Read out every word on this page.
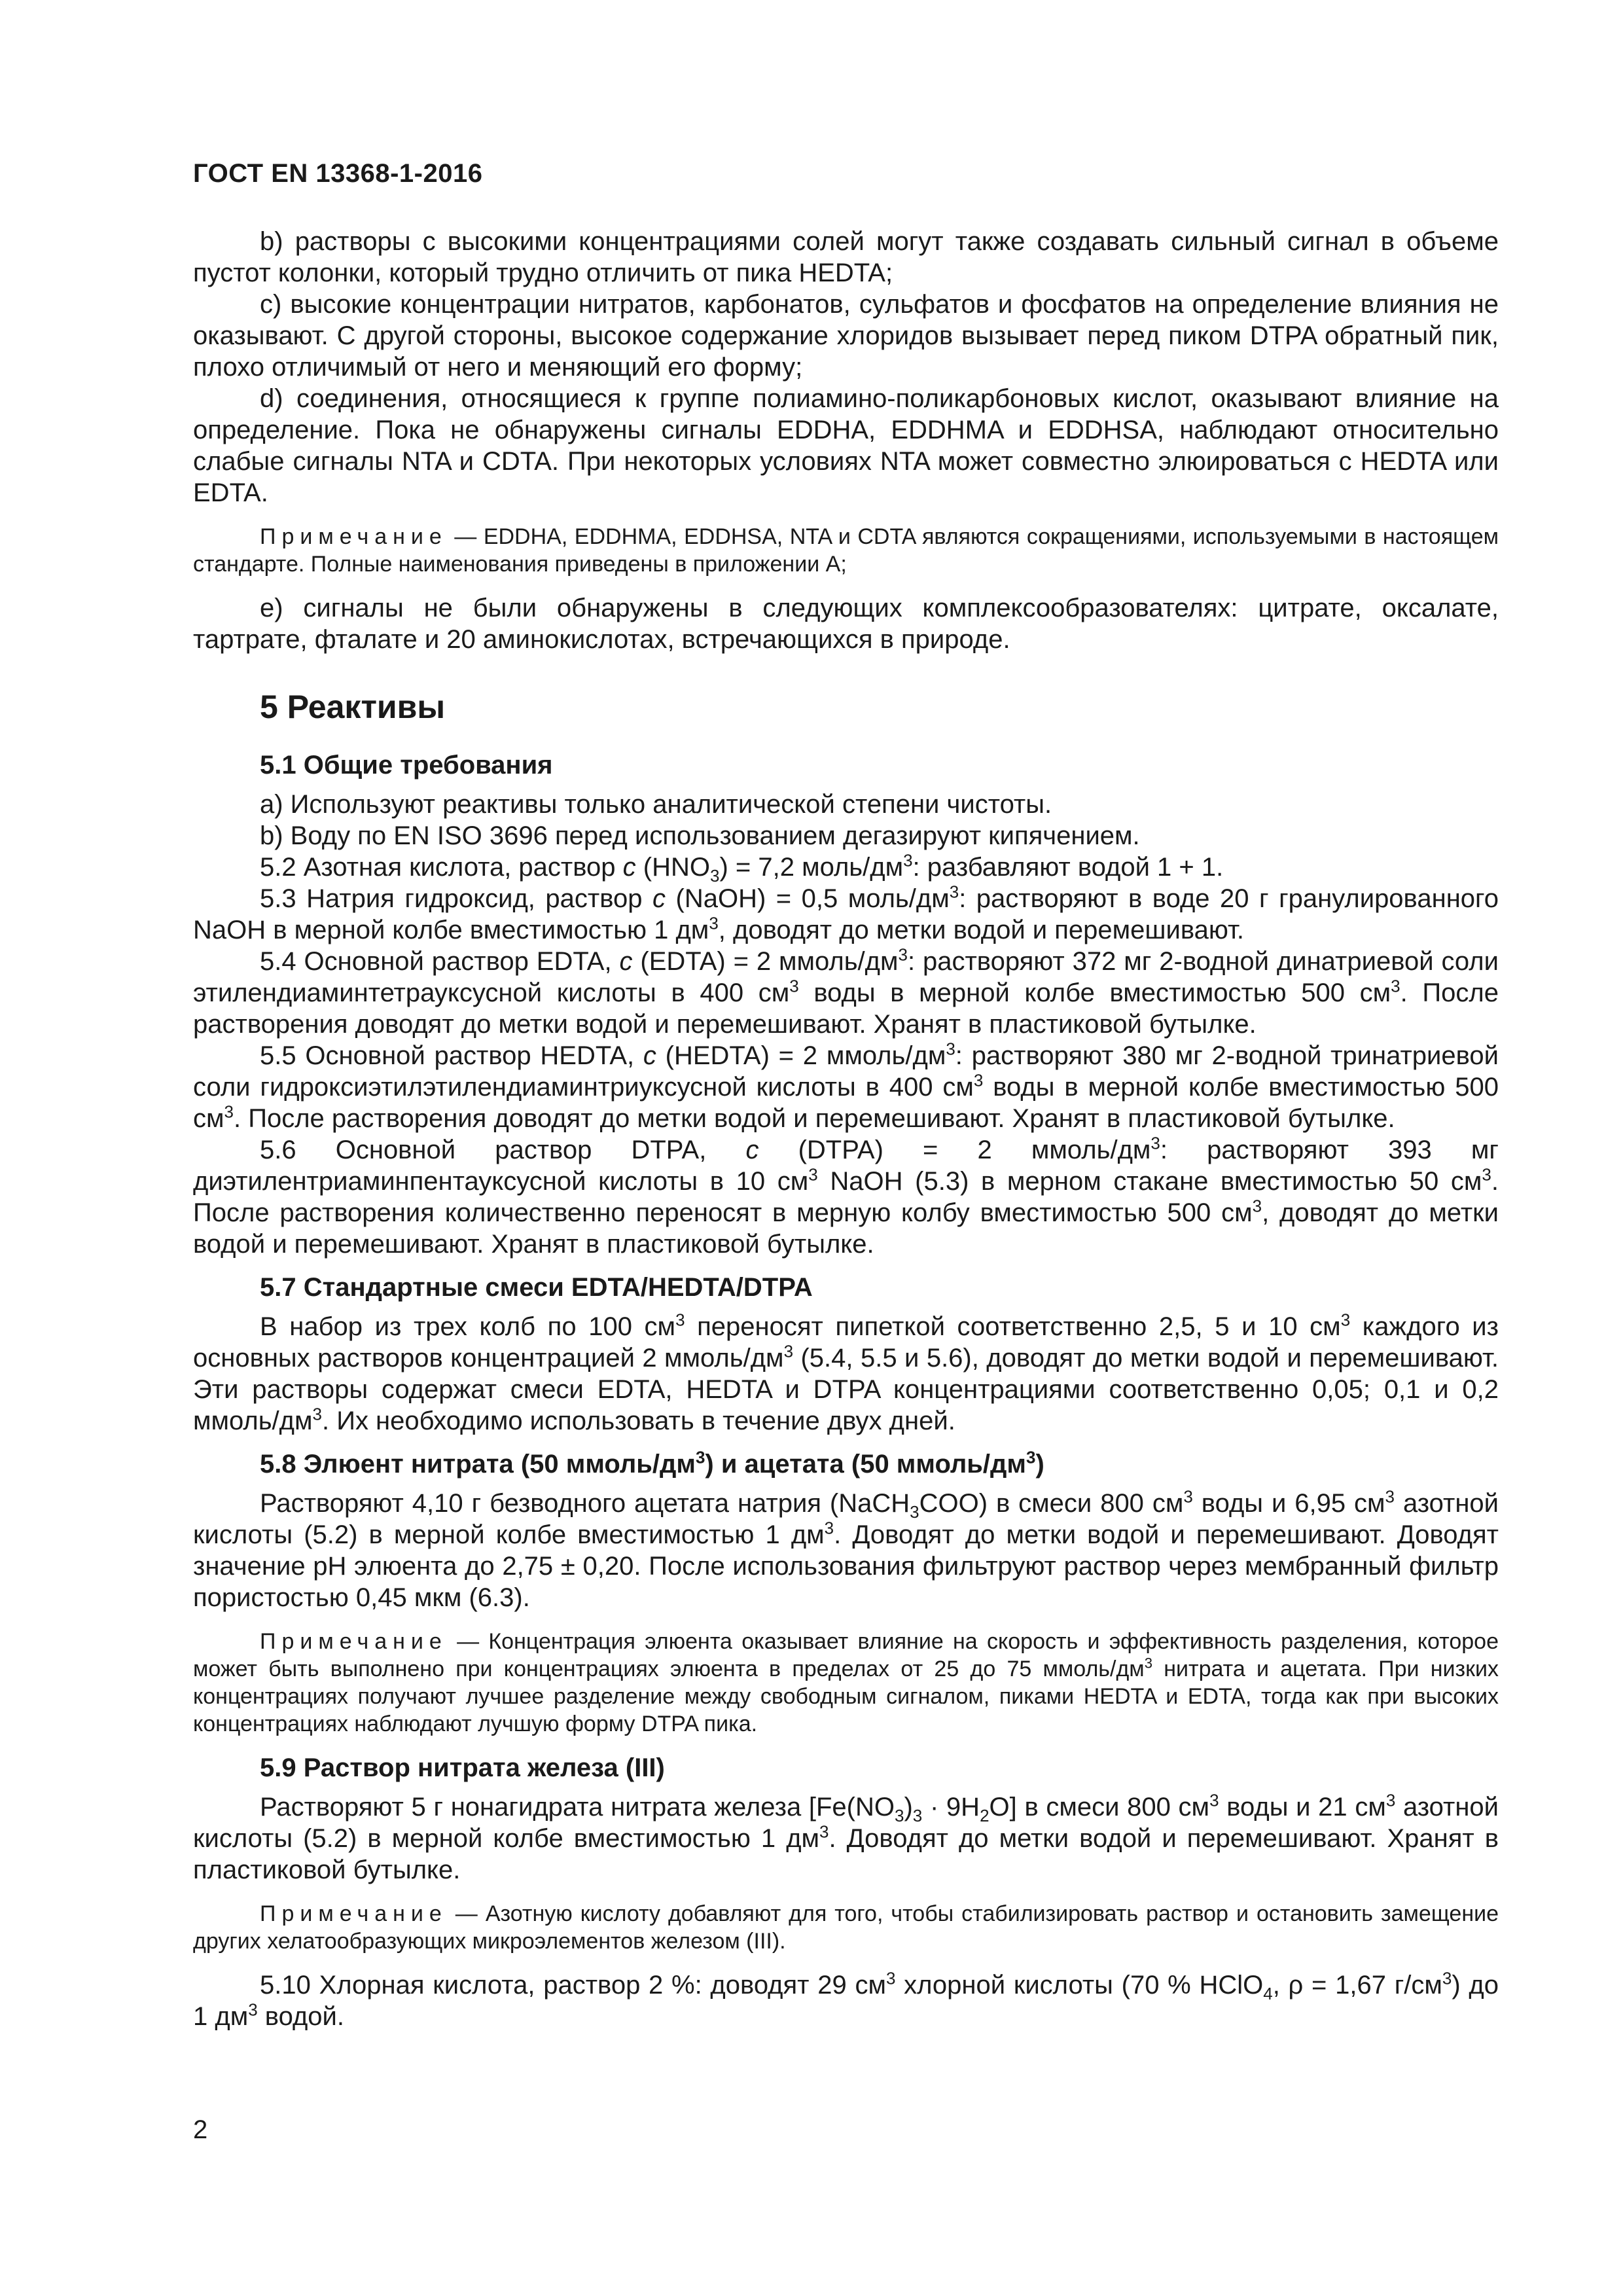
ГОСТ EN 13368-1-2016

b) растворы с высокими концентрациями солей могут также создавать сильный сигнал в объеме пустот колонки, который трудно отличить от пика HEDTA;

c) высокие концентрации нитратов, карбонатов, сульфатов и фосфатов на определение влияния не оказывают. С другой стороны, высокое содержание хлоридов вызывает перед пиком DTPA обратный пик, плохо отличимый от него и меняющий его форму;

d) соединения, относящиеся к группе полиамино-поликарбоновых кислот, оказывают влияние на определение. Пока не обнаружены сигналы EDDHA, EDDHMA и EDDHSA, наблюдают относительно слабые сигналы NTA и CDTA. При некоторых условиях NTA может совместно элюироваться с HEDTA или EDTA.

Примечание — EDDHA, EDDHMA, EDDHSA, NTA и CDTA являются сокращениями, используемыми в настоящем стандарте. Полные наименования приведены в приложении А;

e) сигналы не были обнаружены в следующих комплексообразователях: цитрате, оксалате, тартрате, фталате и 20 аминокислотах, встречающихся в природе.

5 Реактивы
5.1 Общие требования

a) Используют реактивы только аналитической степени чистоты.

b) Воду по EN ISO 3696 перед использованием дегазируют кипячением.

5.2 Азотная кислота, раствор c $(HNO_3) = 7,2$ моль/$дм^3$: разбавляют водой 1 + 1.

5.3 Натрия гидроксид, раствор c (NaOH) = 0,5 моль/$дм^3$: растворяют в воде 20 г гранулированного NaOH в мерной колбе вместимостью 1 $дм^3$, доводят до метки водой и перемешивают.

5.4 Основной раствор EDTA, c (EDTA) = 2 ммоль/$дм^3$: растворяют 372 мг 2-водной динатриевой соли этилендиаминтетрауксусной кислоты в 400 $см^3$ воды в мерной колбе вместимостью 500 $см^3$. После растворения доводят до метки водой и перемешивают. Хранят в пластиковой бутылке.

5.5 Основной раствор HEDTA, c (HEDTA) = 2 ммоль/$дм^3$: растворяют 380 мг 2-водной тринатриевой соли гидроксиэтилэтилендиаминтриуксусной кислоты в 400 $см^3$ воды в мерной колбе вместимостью 500 $см^3$. После растворения доводят до метки водой и перемешивают. Хранят в пластиковой бутылке.

5.6 Основной раствор DTPA, c (DTPA) = 2 ммоль/$дм^3$: растворяют 393 мг диэтилентриаминпентауксусной кислоты в 10 $см^3$ NaOH (5.3) в мерном стакане вместимостью 50 $см^3$. После растворения количественно переносят в мерную колбу вместимостью 500 $см^3$, доводят до метки водой и перемешивают. Хранят в пластиковой бутылке.

5.7 Стандартные смеси EDTA/HEDTA/DTPA

В набор из трех колб по 100 $см^3$ переносят пипеткой соответственно 2,5, 5 и 10 $см^3$ каждого из основных растворов концентрацией 2 ммоль/$дм^3$ (5.4, 5.5 и 5.6), доводят до метки водой и перемешивают. Эти растворы содержат смеси EDTA, HEDTA и DTPA концентрациями соответственно 0,05; 0,1 и 0,2 ммоль/$дм^3$. Их необходимо использовать в течение двух дней.

5.8 Элюент нитрата (50 ммоль/$дм^3$) и ацетата (50 ммоль/$дм^3$)

Растворяют 4,10 г безводного ацетата натрия (NaCH$_3$COO) в смеси 800 $см^3$ воды и 6,95 $см^3$ азотной кислоты (5.2) в мерной колбе вместимостью 1 $дм^3$. Доводят до метки водой и перемешивают. Доводят значение pH элюента до 2,75 ± 0,20. После использования фильтруют раствор через мембранный фильтр пористостью 0,45 мкм (6.3).

Примечание — Концентрация элюента оказывает влияние на скорость и эффективность разделения, которое может быть выполнено при концентрациях элюента в пределах от 25 до 75 ммоль/$дм^3$ нитрата и ацетата. При низких концентрациях получают лучшее разделение между свободным сигналом, пиками HEDTA и EDTA, тогда как при высоких концентрациях наблюдают лучшую форму DTPA пика.

5.9 Раствор нитрата железа (III)

Растворяют 5 г нонагидрата нитрата железа $[Fe(NO_3)_3 \cdot 9H_2O]$ в смеси 800 $см^3$ воды и 21 $см^3$ азотной кислоты (5.2) в мерной колбе вместимостью 1 $дм^3$. Доводят до метки водой и перемешивают. Хранят в пластиковой бутылке.

Примечание — Азотную кислоту добавляют для того, чтобы стабилизировать раствор и остановить замещение других хелатообразующих микроэлементов железом (III).

5.10 Хлорная кислота, раствор 2 %: доводят 29 $см^3$ хлорной кислоты (70 % HClO$_4$, ρ = 1,67 $г/см^3$) до 1 $дм^3$ водой.

2
